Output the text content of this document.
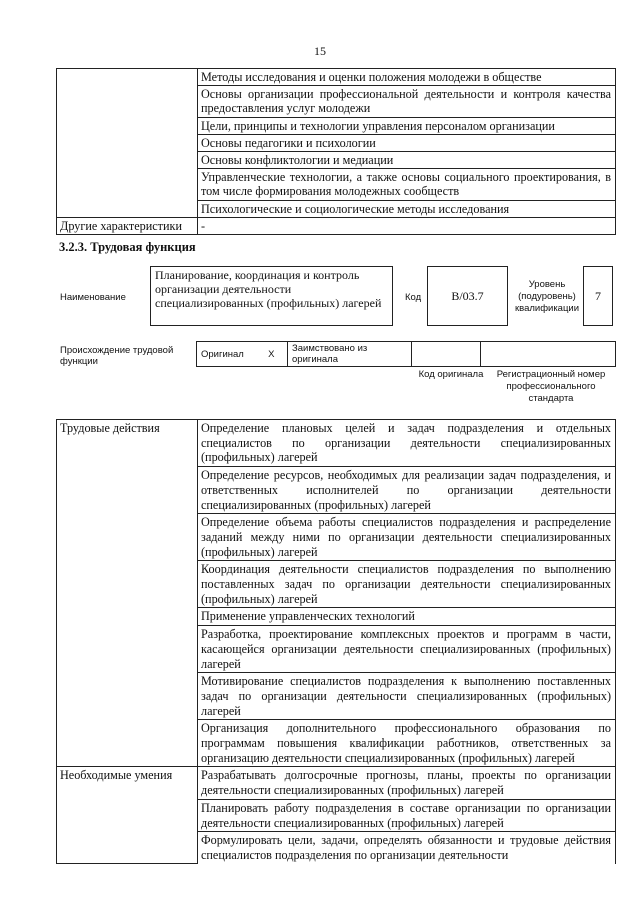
15
	Методы исследования и оценки положения молодежи в обществе
	Основы организации профессиональной деятельности и контроля качества предоставления услуг молодежи
	Цели, принципы и технологии управления персоналом организации
	Основы педагогики и психологии
	Основы конфликтологии и медиации
	Управленческие технологии, а также основы социального проектирования, в том числе формирования молодежных сообществ
	Психологические и социологические методы исследования
Другие характеристики	-
3.2.3. Трудовая функция
Наименование
Планирование, координация и контроль организации деятельности специализированных (профильных) лагерей	Код	B/03.7
Уровень (подуровень) квалификации
7
Происхождение трудовой функции
Оригинал	X	Заимствовано из оригинала		
Код оригинала	Регистрационный номер профессионального стандарта
Трудовые действия	Определение плановых целей и задач подразделения и отдельных специалистов по организации деятельности специализированных (профильных) лагерей
	Определение ресурсов, необходимых для реализации задач подразделения, и ответственных исполнителей по организации деятельности специализированных (профильных) лагерей
	Определение объема работы специалистов подразделения и распределение заданий между ними по организации деятельности специализированных (профильных) лагерей
	Координация деятельности специалистов подразделения по выполнению поставленных задач по организации деятельности специализированных (профильных) лагерей
	Применение управленческих технологий
	Разработка, проектирование комплексных проектов и программ в части, касающейся организации деятельности специализированных (профильных) лагерей
	Мотивирование специалистов подразделения к выполнению поставленных задач по организации деятельности специализированных (профильных) лагерей
	Организация дополнительного профессионального образования по программам повышения квалификации работников, ответственных за организацию деятельности специализированных (профильных) лагерей
Необходимые умения	Разрабатывать долгосрочные прогнозы, планы, проекты по организации деятельности специализированных (профильных) лагерей
	Планировать работу подразделения в составе организации по организации деятельности специализированных (профильных) лагерей
	Формулировать цели, задачи, определять обязанности и трудовые действия специалистов подразделения по организации деятельности
